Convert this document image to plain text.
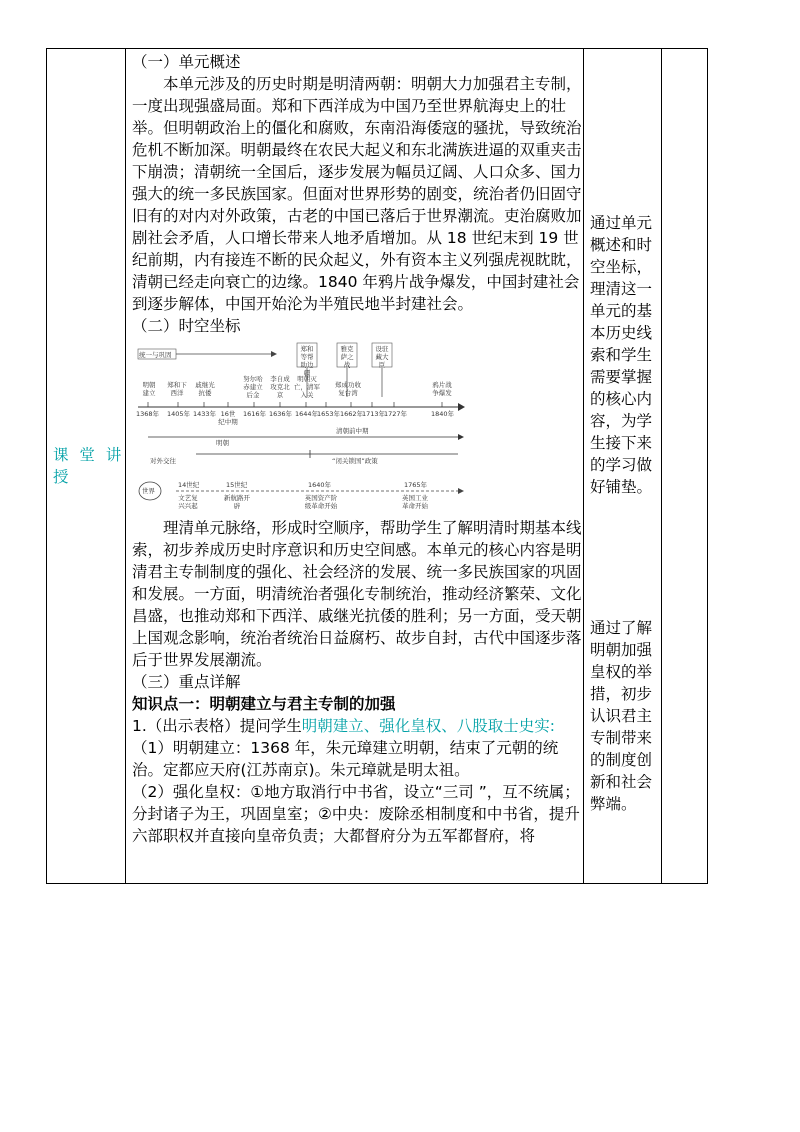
课 堂 讲 授

（一）单元概述

本单元涉及的历史时期是明清两朝：明朝大力加强君主专制，一度出现强盛局面。郑和下西洋成为中国乃至世界航海史上的壮举。但明朝政治上的僵化和腐败，东南沿海倭寇的骚扰，导致统治危机不断加深。明朝最终在农民大起义和东北满族进逼的双重夹击下崩溃；清朝统一全国后，逐步发展为幅员辽阔、人口众多、国力强大的统一多民族国家。但面对世界形势的剧变，统治者仍旧固守旧有的对内对外政策，古老的中国已落后于世界潮流。吏治腐败加剧社会矛盾，人口增长带来人地矛盾增加。从 18 世纪末到 19 世纪前期，内有接连不断的民众起义，外有资本主义列强虎视眈眈，清朝已经走向衰亡的边缘。1840 年鸦片战争爆发，中国封建社会到逐步解体，中国开始沦为半殖民地半封建社会。

（二）时空坐标

统一与巩固
郑和等帮助边疆
雅克萨之战
设驻藏大臣
明朝建立
郑和下西洋
戚继光抗倭
努尔哈赤建立后金
李自成攻克北京
明朝灭亡，清军入关
郑成功收复台湾
鸦片战争爆发
1368年 1405年 1433年 16世纪中期
1616年 1636年 1644年
1653年 1662年
1713年
1727年	1840年
明朝
清朝前中期
对外交往	“闭关锁国”政策
世界
14世纪	15世纪	1640年	1765年
文艺复兴兴起
新航路开辟
英国资产阶级革命开始
英国工业革命开始

理清单元脉络，形成时空顺序，帮助学生了解明清时期基本线索，初步养成历史时序意识和历史空间感。本单元的核心内容是明清君主专制制度的强化、社会经济的发展、统一多民族国家的巩固和发展。一方面，明清统治者强化专制统治，推动经济繁荣、文化昌盛，也推动郑和下西洋、戚继光抗倭的胜利；另一方面，受天朝上国观念影响，统治者统治日益腐朽、故步自封，古代中国逐步落后于世界发展潮流。

（三）重点详解

知识点一：明朝建立与君主专制的加强

1.（出示表格）提问学生明朝建立、强化皇权、八股取士史实:

（1）明朝建立：1368 年，朱元璋建立明朝，结束了元朝的统治。定都应天府(江苏南京)。朱元璋就是明太祖。

（2）强化皇权：①地方取消行中书省，设立“三司 ”，互不统属；分封诸子为王，巩固皇室；②中央：废除丞相制度和中书省，提升六部职权并直接向皇帝负责；大都督府分为五军都督府，将

通过单元概述和时空坐标，理清这一单元的基本历史线索和学生需要掌握的核心内容，为学生接下来的学习做好铺垫。
通过了解明朝加强皇权的举措，初步认识君主专制带来的制度创新和社会弊端。
